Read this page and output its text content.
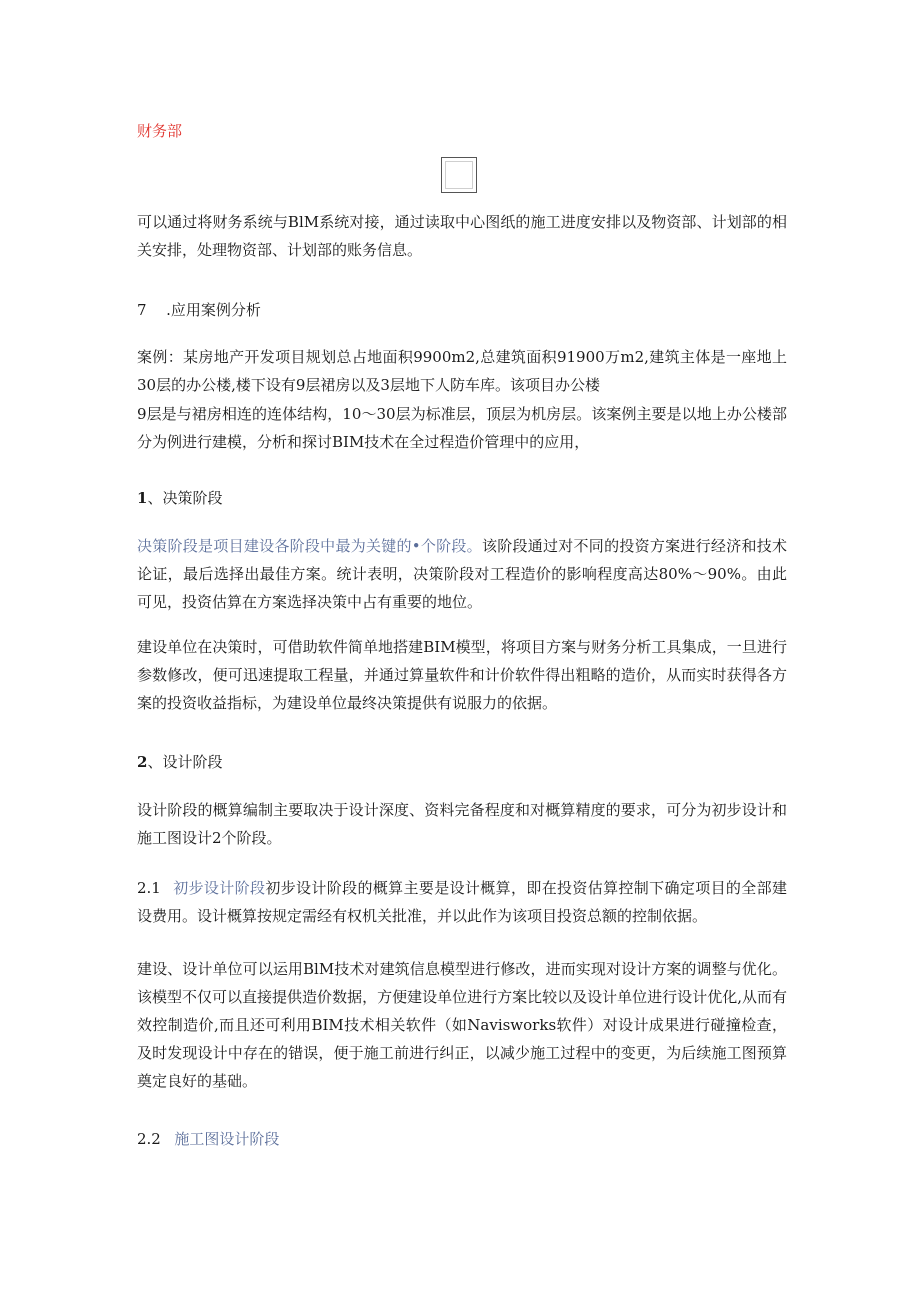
财务部

可以通过将财务系统与BlM系统对接，通过读取中心图纸的施工进度安排以及物资部、计划部的相关安排，处理物资部、计划部的账务信息。

7 .应用案例分析

案例：某房地产开发项目规划总占地面积9900m2,总建筑面积91900万m2,建筑主体是一座地上30层的办公楼,楼下设有9层裙房以及3层地下人防车库。该项目办公楼

9层是与裙房相连的连体结构，10～30层为标准层，顶层为机房层。该案例主要是以地上办公楼部分为例进行建模，分析和探讨BIM技术在全过程造价管理中的应用，

1、决策阶段

决策阶段是项目建设各阶段中最为关键的•个阶段。该阶段通过对不同的投资方案进行经济和技术论证，最后选择出最佳方案。统计表明，决策阶段对工程造价的影响程度高达80%～90%。由此可见，投资估算在方案选择决策中占有重要的地位。

建设单位在决策时，可借助软件简单地搭建BIM模型，将项目方案与财务分析工具集成，一旦进行参数修改，便可迅速提取工程量，并通过算量软件和计价软件得出粗略的造价，从而实时获得各方案的投资收益指标，为建设单位最终决策提供有说服力的依据。

2、设计阶段

设计阶段的概算编制主要取决于设计深度、资料完备程度和对概算精度的要求，可分为初步设计和施工图设计2个阶段。

2.1 初步设计阶段初步设计阶段的概算主要是设计概算，即在投资估算控制下确定项目的全部建设费用。设计概算按规定需经有权机关批准，并以此作为该项目投资总额的控制依据。

建设、设计单位可以运用BlM技术对建筑信息模型进行修改，进而实现对设计方案的调整与优化。该模型不仅可以直接提供造价数据，方便建设单位进行方案比较以及设计单位进行设计优化,从而有效控制造价,而且还可利用BIM技术相关软件（如Navisworks软件）对设计成果进行碰撞检查，及时发现设计中存在的错误，便于施工前进行纠正，以减少施工过程中的变更，为后续施工图预算奠定良好的基础。

2.2 施工图设计阶段
